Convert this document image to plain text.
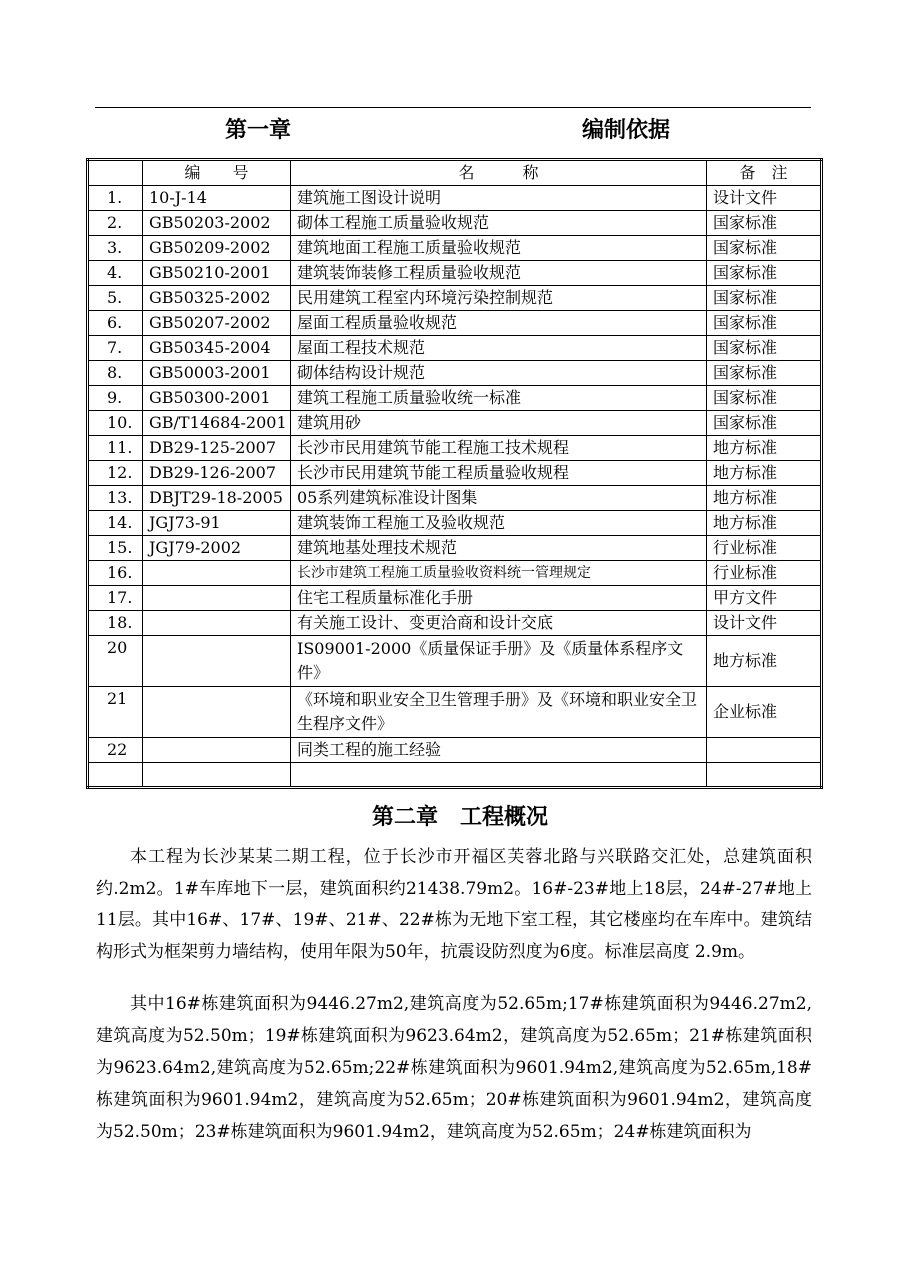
第一章	编制依据
	编　　号	名　　　称	备　注
1.	10-J-14	建筑施工图设计说明	设计文件
2.	GB50203-2002	砌体工程施工质量验收规范	国家标准
3.	GB50209-2002	建筑地面工程施工质量验收规范	国家标准
4.	GB50210-2001	建筑装饰装修工程质量验收规范	国家标准
5.	GB50325-2002	民用建筑工程室内环境污染控制规范	国家标准
6.	GB50207-2002	屋面工程质量验收规范	国家标准
7.	GB50345-2004	屋面工程技术规范	国家标准
8.	GB50003-2001	砌体结构设计规范	国家标准
9.	GB50300-2001	建筑工程施工质量验收统一标准	国家标准
10.	GB/T14684-2001	建筑用砂	国家标准
11.	DB29-125-2007	长沙市民用建筑节能工程施工技术规程	地方标准
12.	DB29-126-2007	长沙市民用建筑节能工程质量验收规程	地方标准
13.	DBJT29-18-2005	05系列建筑标准设计图集	地方标准
14.	JGJ73-91	建筑装饰工程施工及验收规范	地方标准
15.	JGJ79-2002	建筑地基处理技术规范	行业标准
16.		长沙市建筑工程施工质量验收资料统一管理规定	行业标准
17.		住宅工程质量标准化手册	甲方文件
18.		有关施工设计、变更洽商和设计交底	设计文件
20		IS09001-2000《质量保证手册》及《质量体系程序文件》	地方标准
21		《环境和职业安全卫生管理手册》及《环境和职业安全卫生程序文件》	企业标准
22		同类工程的施工经验	

第二章　工程概况
本工程为长沙某某二期工程，位于长沙市开福区芙蓉北路与兴联路交汇处，总建筑面积约.2m2。1#车库地下一层，建筑面积约21438.79m2。16#-23#地上18层，24#-27#地上11层。其中16#、17#、19#、21#、22#栋为无地下室工程，其它楼座均在车库中。建筑结构形式为框架剪力墙结构，使用年限为50年，抗震设防烈度为6度。标准层高度 2.9m。
其中16#栋建筑面积为9446.27m2,建筑高度为52.65m;17#栋建筑面积为9446.27m2,建筑高度为52.50m；19#栋建筑面积为9623.64m2，建筑高度为52.65m；21#栋建筑面积为9623.64m2,建筑高度为52.65m;22#栋建筑面积为9601.94m2,建筑高度为52.65m,18#栋建筑面积为9601.94m2，建筑高度为52.65m；20#栋建筑面积为9601.94m2，建筑高度为52.50m；23#栋建筑面积为9601.94m2，建筑高度为52.65m；24#栋建筑面积为
